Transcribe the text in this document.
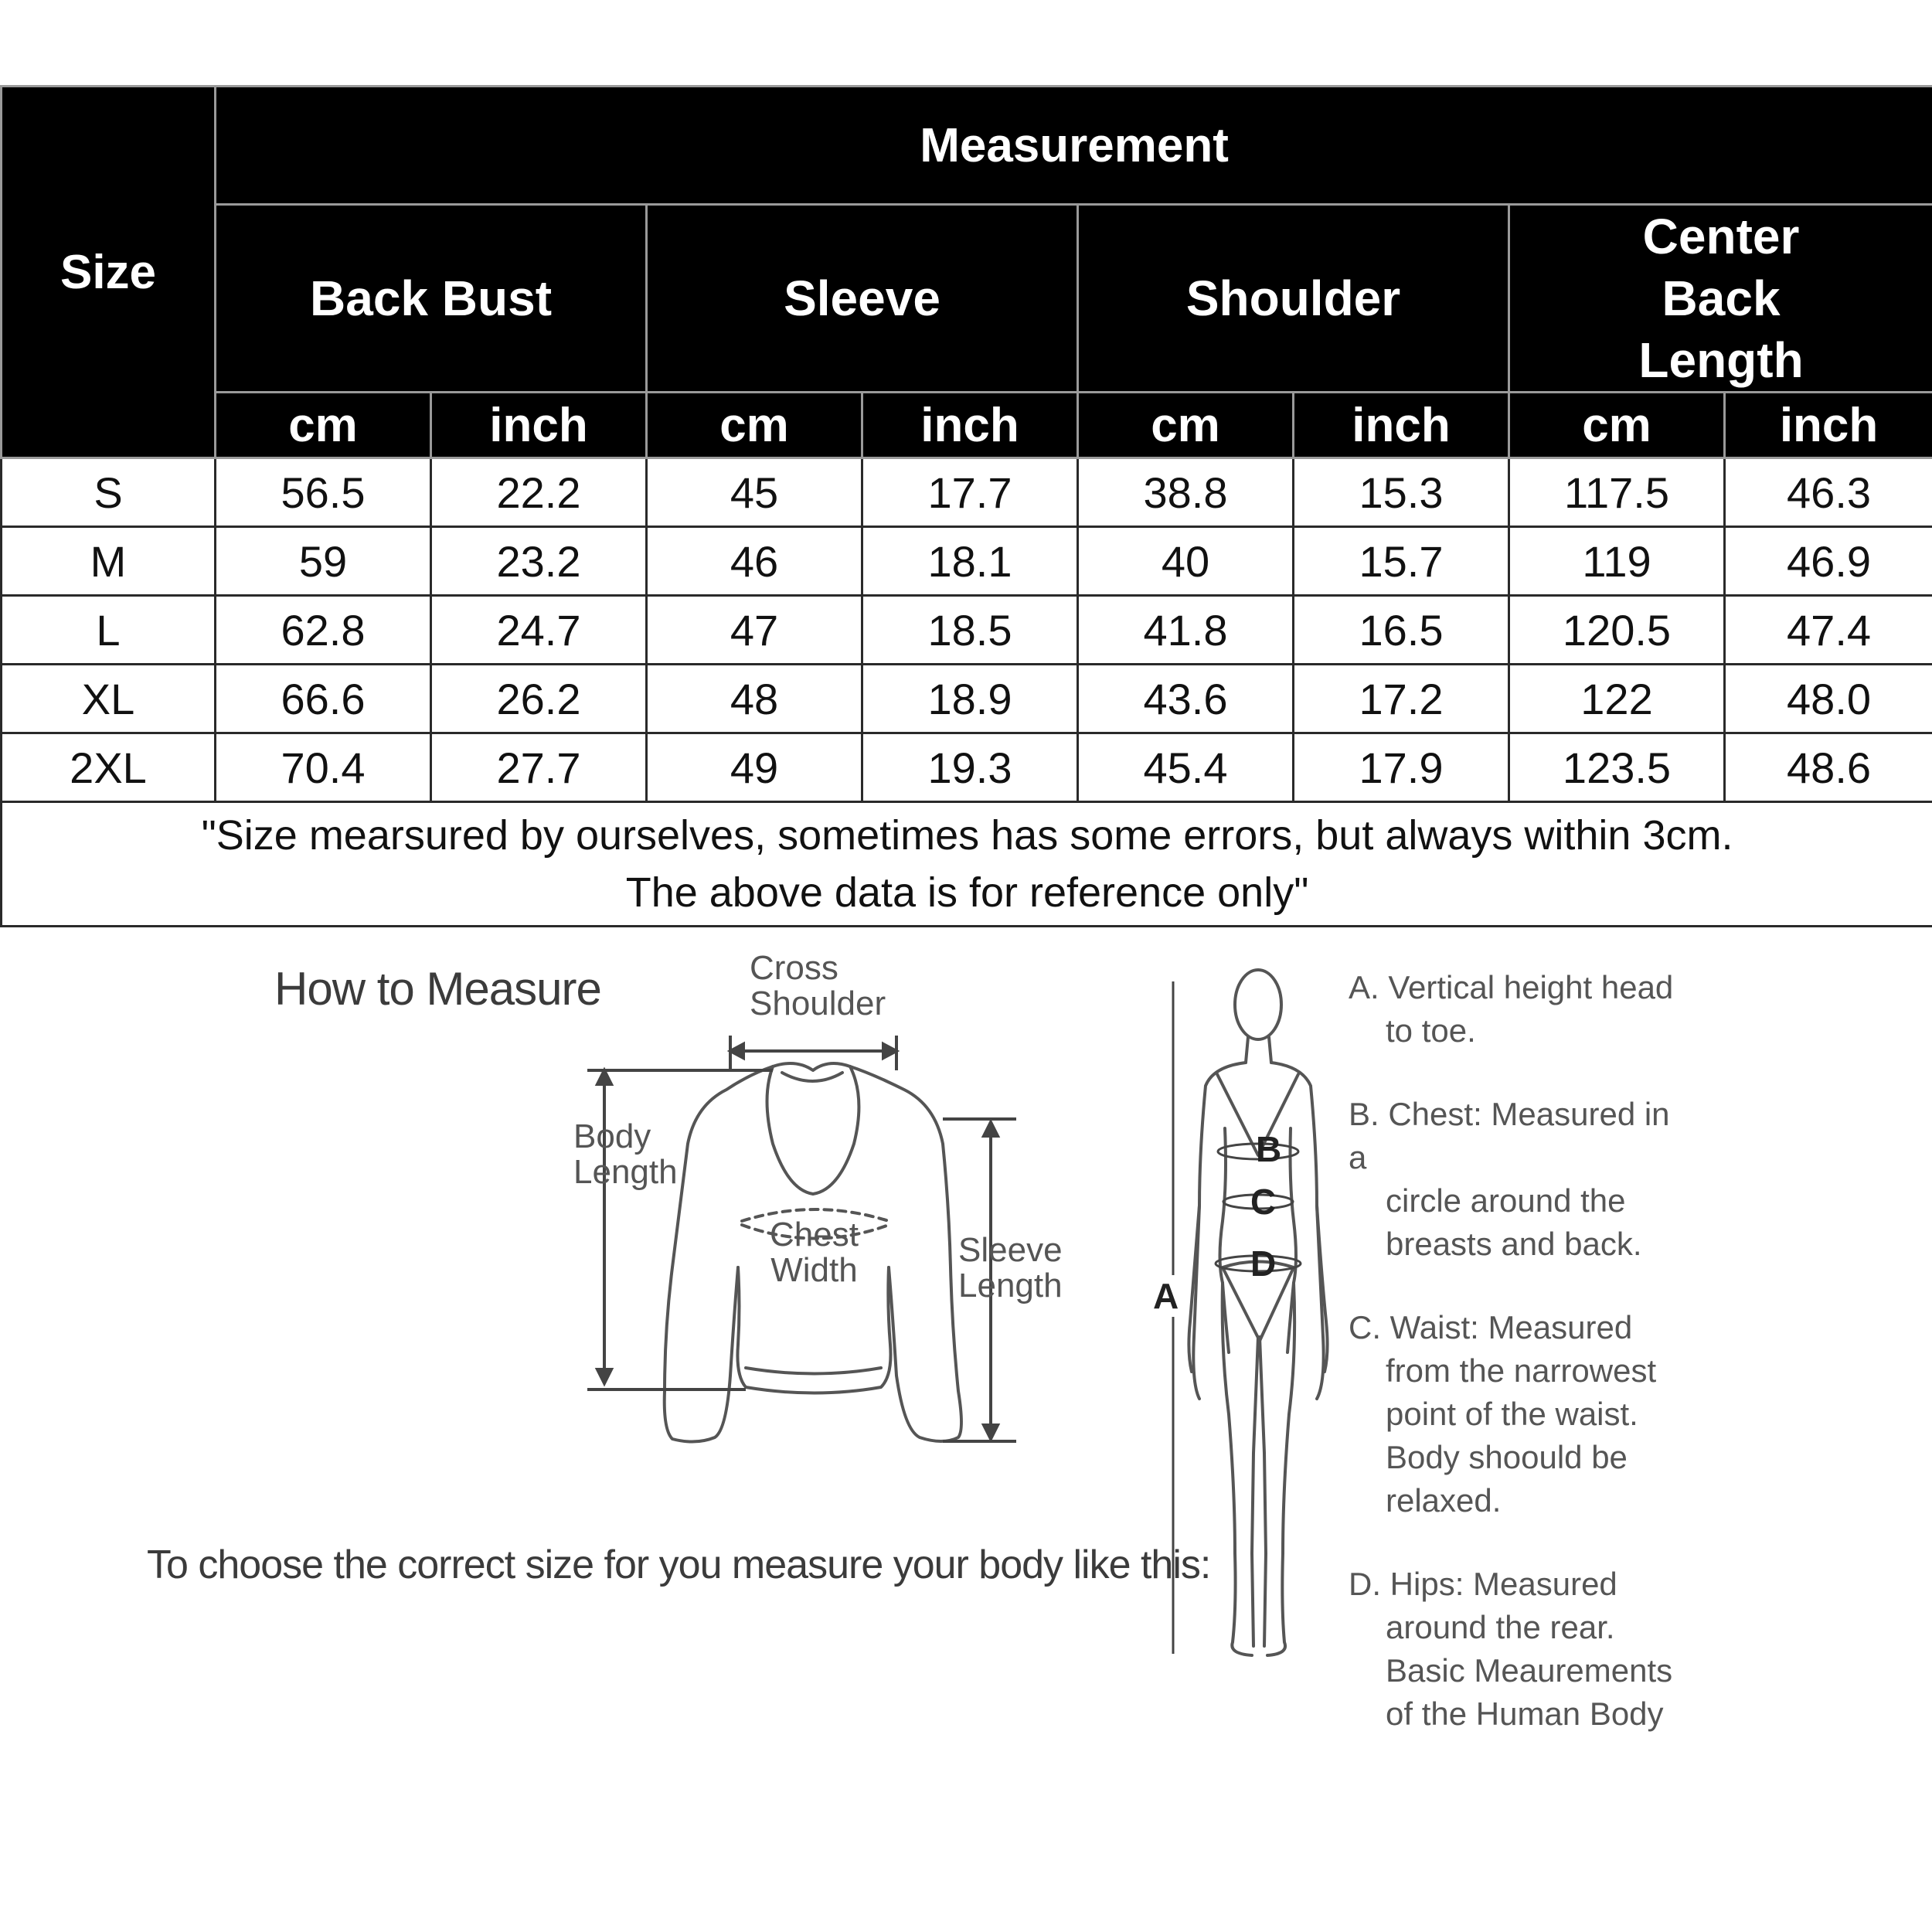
Size	Measurement							
	Back Bust		Sleeve		Shoulder		Center Back Length	
	cm	inch	cm	inch	cm	inch	cm	inch
S	56.5	22.2	45	17.7	38.8	15.3	117.5	46.3
M	59	23.2	46	18.1	40	15.7	119	46.9
L	62.8	24.7	47	18.5	41.8	16.5	120.5	47.4
XL	66.6	26.2	48	18.9	43.6	17.2	122	48.0
2XL	70.4	27.7	49	19.3	45.4	17.9	123.5	48.6

"Size mearsured by ourselves, sometimes has some errors, but always within 3cm.
The above data is for reference only"								
How to Measure	Cross
Shoulder
Body
Length
Chest
Width
Sleeve
Length
To choose the correct size for you measure your body like this:
B
C
D
A
A. Vertical height head
to toe.
B. Chest: Measured in a
circle around the
breasts and back.
C. Waist: Measured
from the narrowest
point of the waist.
Body shoould be
relaxed.
D. Hips: Measured
around the rear.
Basic Meaurements
of the Human Body
